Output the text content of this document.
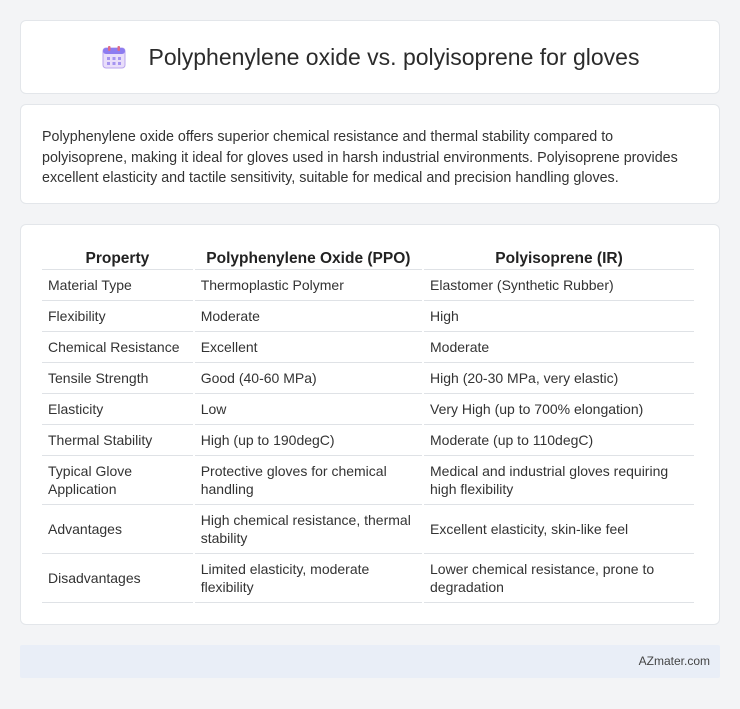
Polyphenylene oxide vs. polyisoprene for gloves

Polyphenylene oxide offers superior chemical resistance and thermal stability compared to polyisoprene, making it ideal for gloves used in harsh industrial environments. Polyisoprene provides excellent elasticity and tactile sensitivity, suitable for medical and precision handling gloves.

Property	Polyphenylene Oxide (PPO)	Polyisoprene (IR)
Material Type	Thermoplastic Polymer	Elastomer (Synthetic Rubber)
Flexibility	Moderate	High
Chemical Resistance	Excellent	Moderate
Tensile Strength	Good (40-60 MPa)	High (20-30 MPa, very elastic)
Elasticity	Low	Very High (up to 700% elongation)
Thermal Stability	High (up to 190degC)	Moderate (up to 110degC)
Typical Glove Application	Protective gloves for chemical handling	Medical and industrial gloves requiring high flexibility
Advantages	High chemical resistance, thermal stability	Excellent elasticity, skin-like feel
Disadvantages	Limited elasticity, moderate flexibility	Lower chemical resistance, prone to degradation
AZmater.com
